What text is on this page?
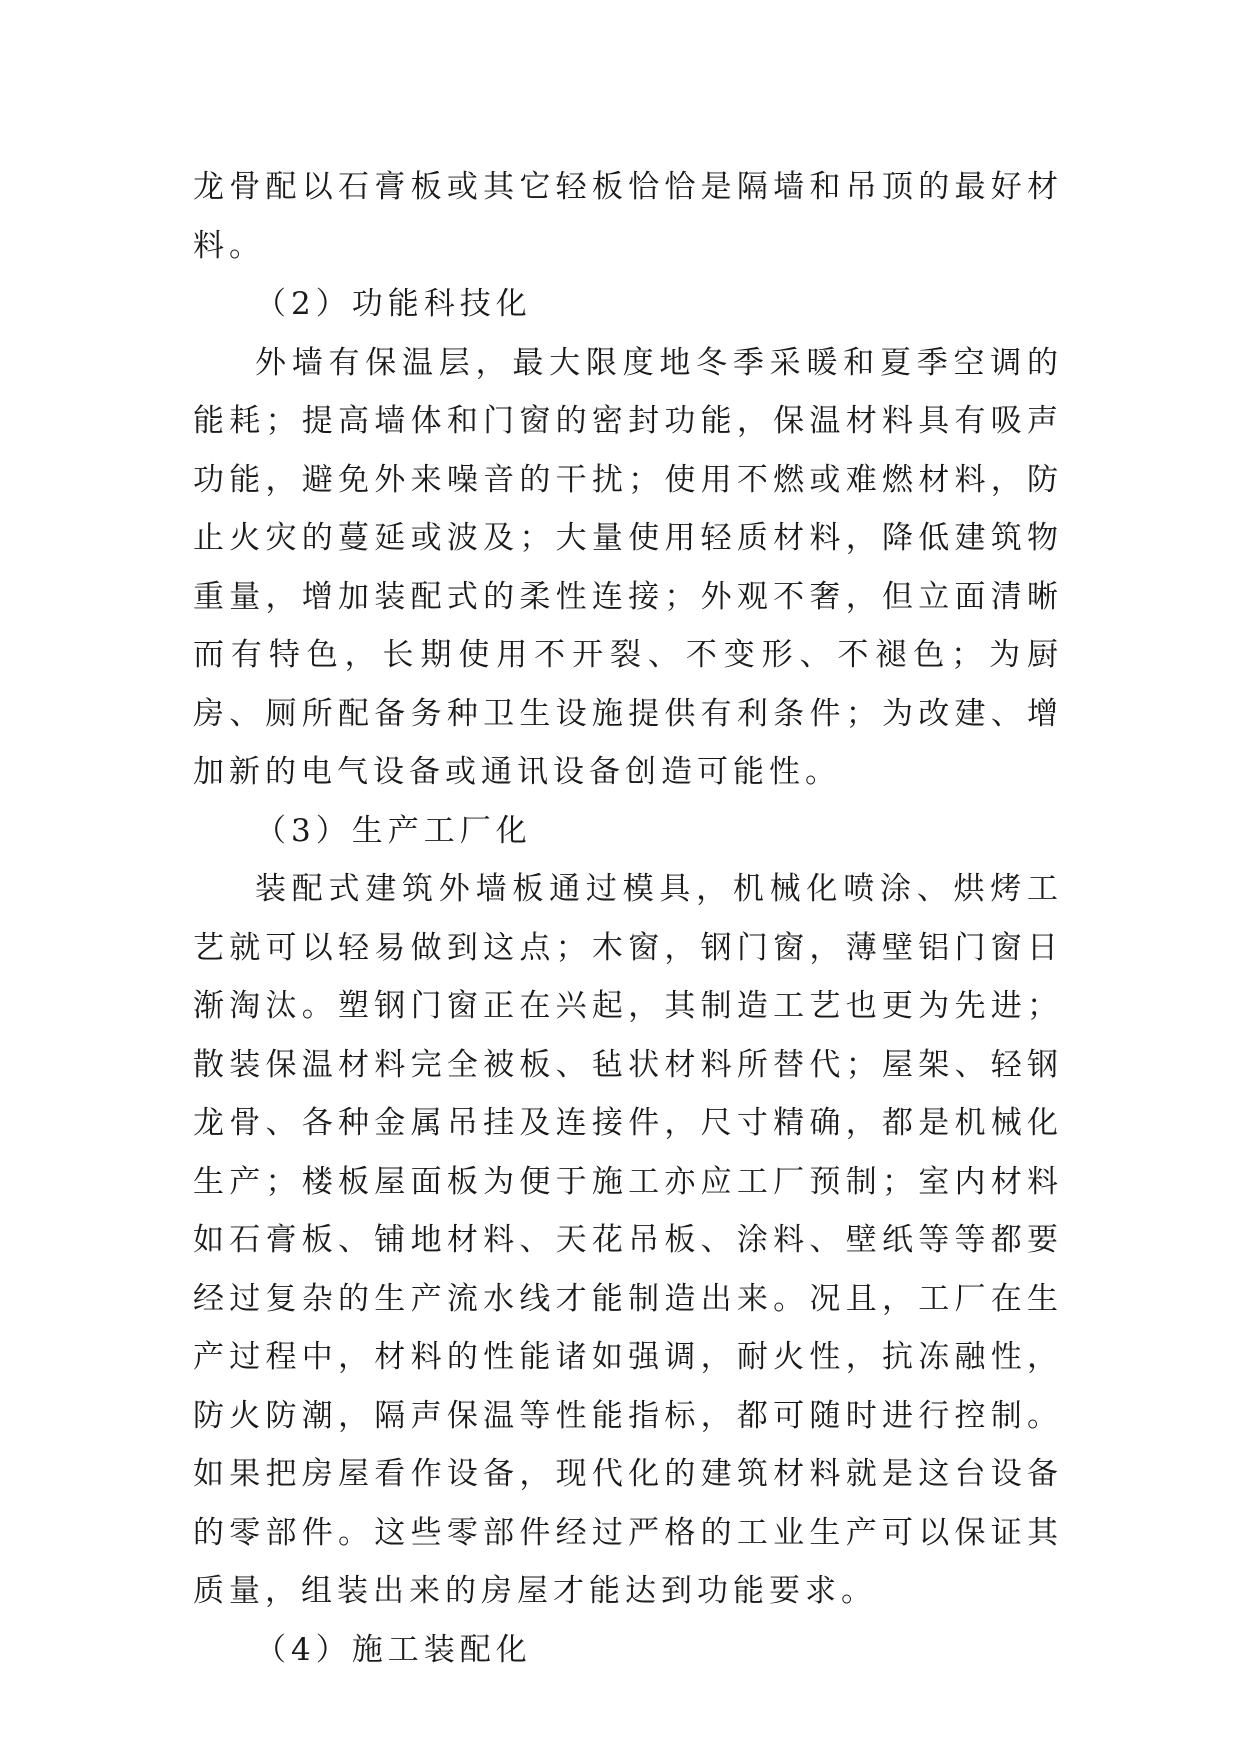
龙骨配以石膏板或其它轻板恰恰是隔墙和吊顶的最好材料。

（2）功能科技化

外墙有保温层，最大限度地冬季采暖和夏季空调的能耗；提高墙体和门窗的密封功能，保温材料具有吸声功能，避免外来噪音的干扰；使用不燃或难燃材料，防止火灾的蔓延或波及；大量使用轻质材料，降低建筑物重量，增加装配式的柔性连接；外观不奢，但立面清晰而有特色，长期使用不开裂、不变形、不褪色；为厨房、厕所配备务种卫生设施提供有利条件；为改建、增加新的电气设备或通讯设备创造可能性。

（3）生产工厂化

装配式建筑外墙板通过模具，机械化喷涂、烘烤工艺就可以轻易做到这点；木窗，钢门窗，薄壁铝门窗日渐淘汰。塑钢门窗正在兴起，其制造工艺也更为先进；散装保温材料完全被板、毡状材料所替代；屋架、轻钢龙骨、各种金属吊挂及连接件，尺寸精确，都是机械化生产；楼板屋面板为便于施工亦应工厂预制；室内材料如石膏板、铺地材料、天花吊板、涂料、壁纸等等都要经过复杂的生产流水线才能制造出来。况且，工厂在生产过程中，材料的性能诸如强调，耐火性，抗冻融性，防火防潮，隔声保温等性能指标，都可随时进行控制。如果把房屋看作设备，现代化的建筑材料就是这台设备的零部件。这些零部件经过严格的工业生产可以保证其质量，组装出来的房屋才能达到功能要求。

（4）施工装配化
